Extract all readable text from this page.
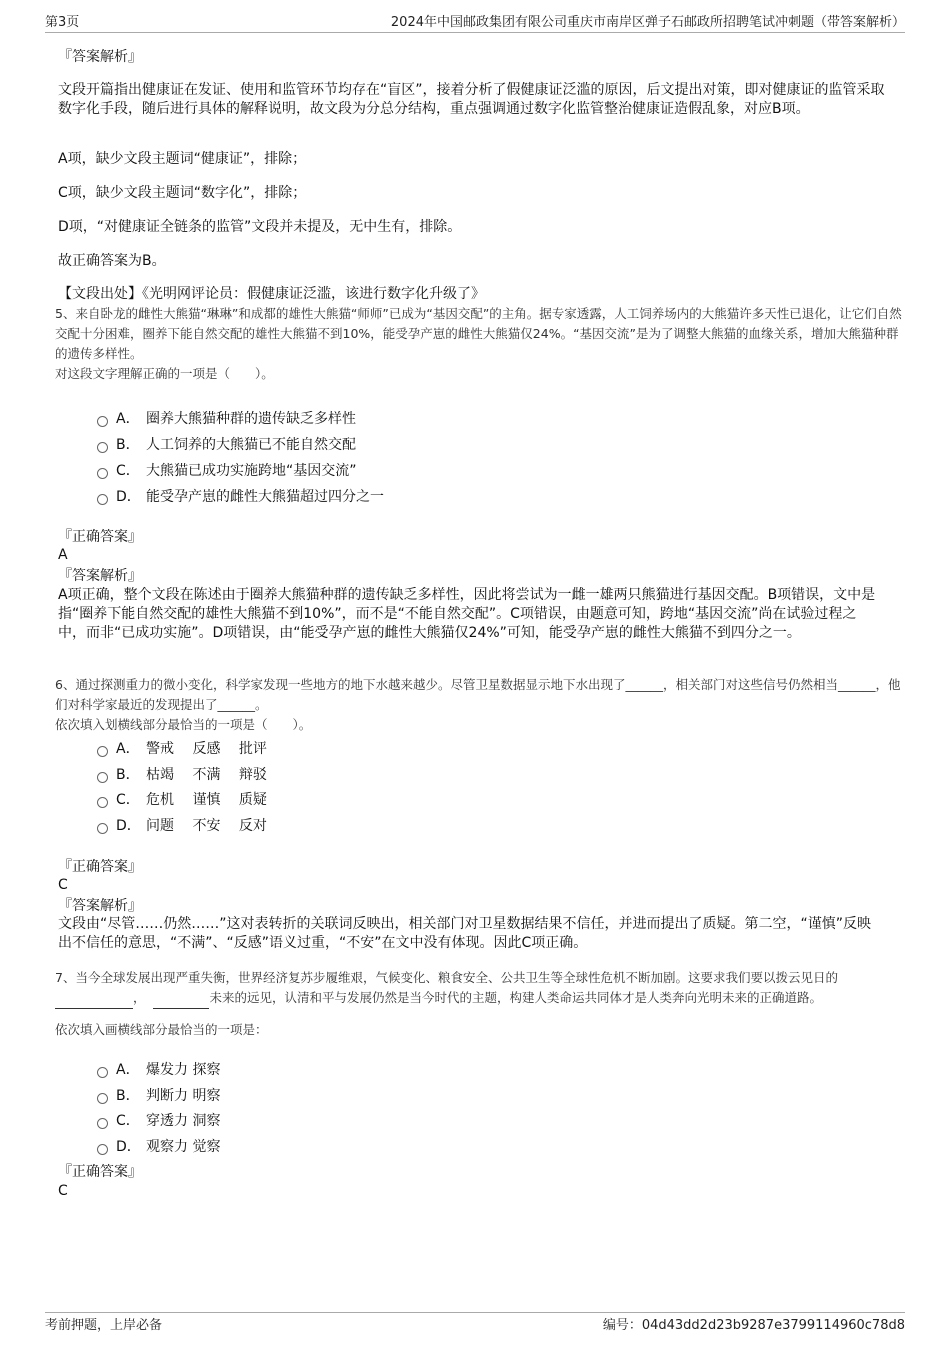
第3页	2024年中国邮政集团有限公司重庆市南岸区弹子石邮政所招聘笔试冲刺题（带答案解析）
『答案解析』
文段开篇指出健康证在发证、使用和监管环节均存在“盲区”，接着分析了假健康证泛滥的原因，后文提出对策，即对健康证的监管采取数字化手段，随后进行具体的解释说明，故文段为分总分结构，重点强调通过数字化监管整治健康证造假乱象，对应B项。
A项，缺少文段主题词“健康证”，排除；
C项，缺少文段主题词“数字化”，排除；
D项，“对健康证全链条的监管”文段并未提及，无中生有，排除。
故正确答案为B。
【文段出处】《光明网评论员：假健康证泛滥，该进行数字化升级了》
5、来自卧龙的雌性大熊猫“琳琳”和成都的雄性大熊猫“师师”已成为“基因交配”的主角。据专家透露，人工饲养场内的大熊猫许多天性已退化，让它们自然交配十分困难，圈养下能自然交配的雄性大熊猫不到10%，能受孕产崽的雌性大熊猫仅24%。“基因交流”是为了调整大熊猫的血缘关系，增加大熊猫种群的遗传多样性。
对这段文字理解正确的一项是（　　）。
A． 圈养大熊猫种群的遗传缺乏多样性
B． 人工饲养的大熊猫已不能自然交配
C． 大熊猫已成功实施跨地“基因交流”
D． 能受孕产崽的雌性大熊猫超过四分之一
『正确答案』
A
『答案解析』
A项正确，整个文段在陈述由于圈养大熊猫种群的遗传缺乏多样性，因此将尝试为一雌一雄两只熊猫进行基因交配。B项错误，文中是指“圈养下能自然交配的雄性大熊猫不到10%”，而不是“不能自然交配”。C项错误，由题意可知，跨地“基因交流”尚在试验过程之中，而非“已成功实施”。D项错误，由“能受孕产崽的雌性大熊猫仅24%”可知，能受孕产崽的雌性大熊猫不到四分之一。
6、通过探测重力的微小变化，科学家发现一些地方的地下水越来越少。尽管卫星数据显示地下水出现了______，相关部门对这些信号仍然相当______，他们对科学家最近的发现提出了______。
依次填入划横线部分最恰当的一项是（　　）。
A． 警戒　 反感　 批评
B． 枯竭　 不满　 辩驳
C． 危机　 谨慎　 质疑
D． 问题　 不安　 反对
『正确答案』
C
『答案解析』
文段由“尽管……仍然……”这对表转折的关联词反映出，相关部门对卫星数据结果不信任，并进而提出了质疑。第二空，“谨慎”反映出不信任的意思，“不满”、“反感”语义过重，“不安”在文中没有体现。因此C项正确。
7、当今全球发展出现严重失衡，世界经济复苏步履维艰，气候变化、粮食安全、公共卫生等全球性危机不断加剧。这要求我们要以拨云见日的 ，	未来的远见，认清和平与发展仍然是当今时代的主题，构建人类命运共同体才是人类奔向光明未来的正确道路。
依次填入画横线部分最恰当的一项是：
A． 爆发力 探察
B． 判断力 明察
C． 穿透力 洞察
D． 观察力 觉察
『正确答案』
C
考前押题，上岸必备	编号：04d43dd2d23b9287e3799114960c78d8
